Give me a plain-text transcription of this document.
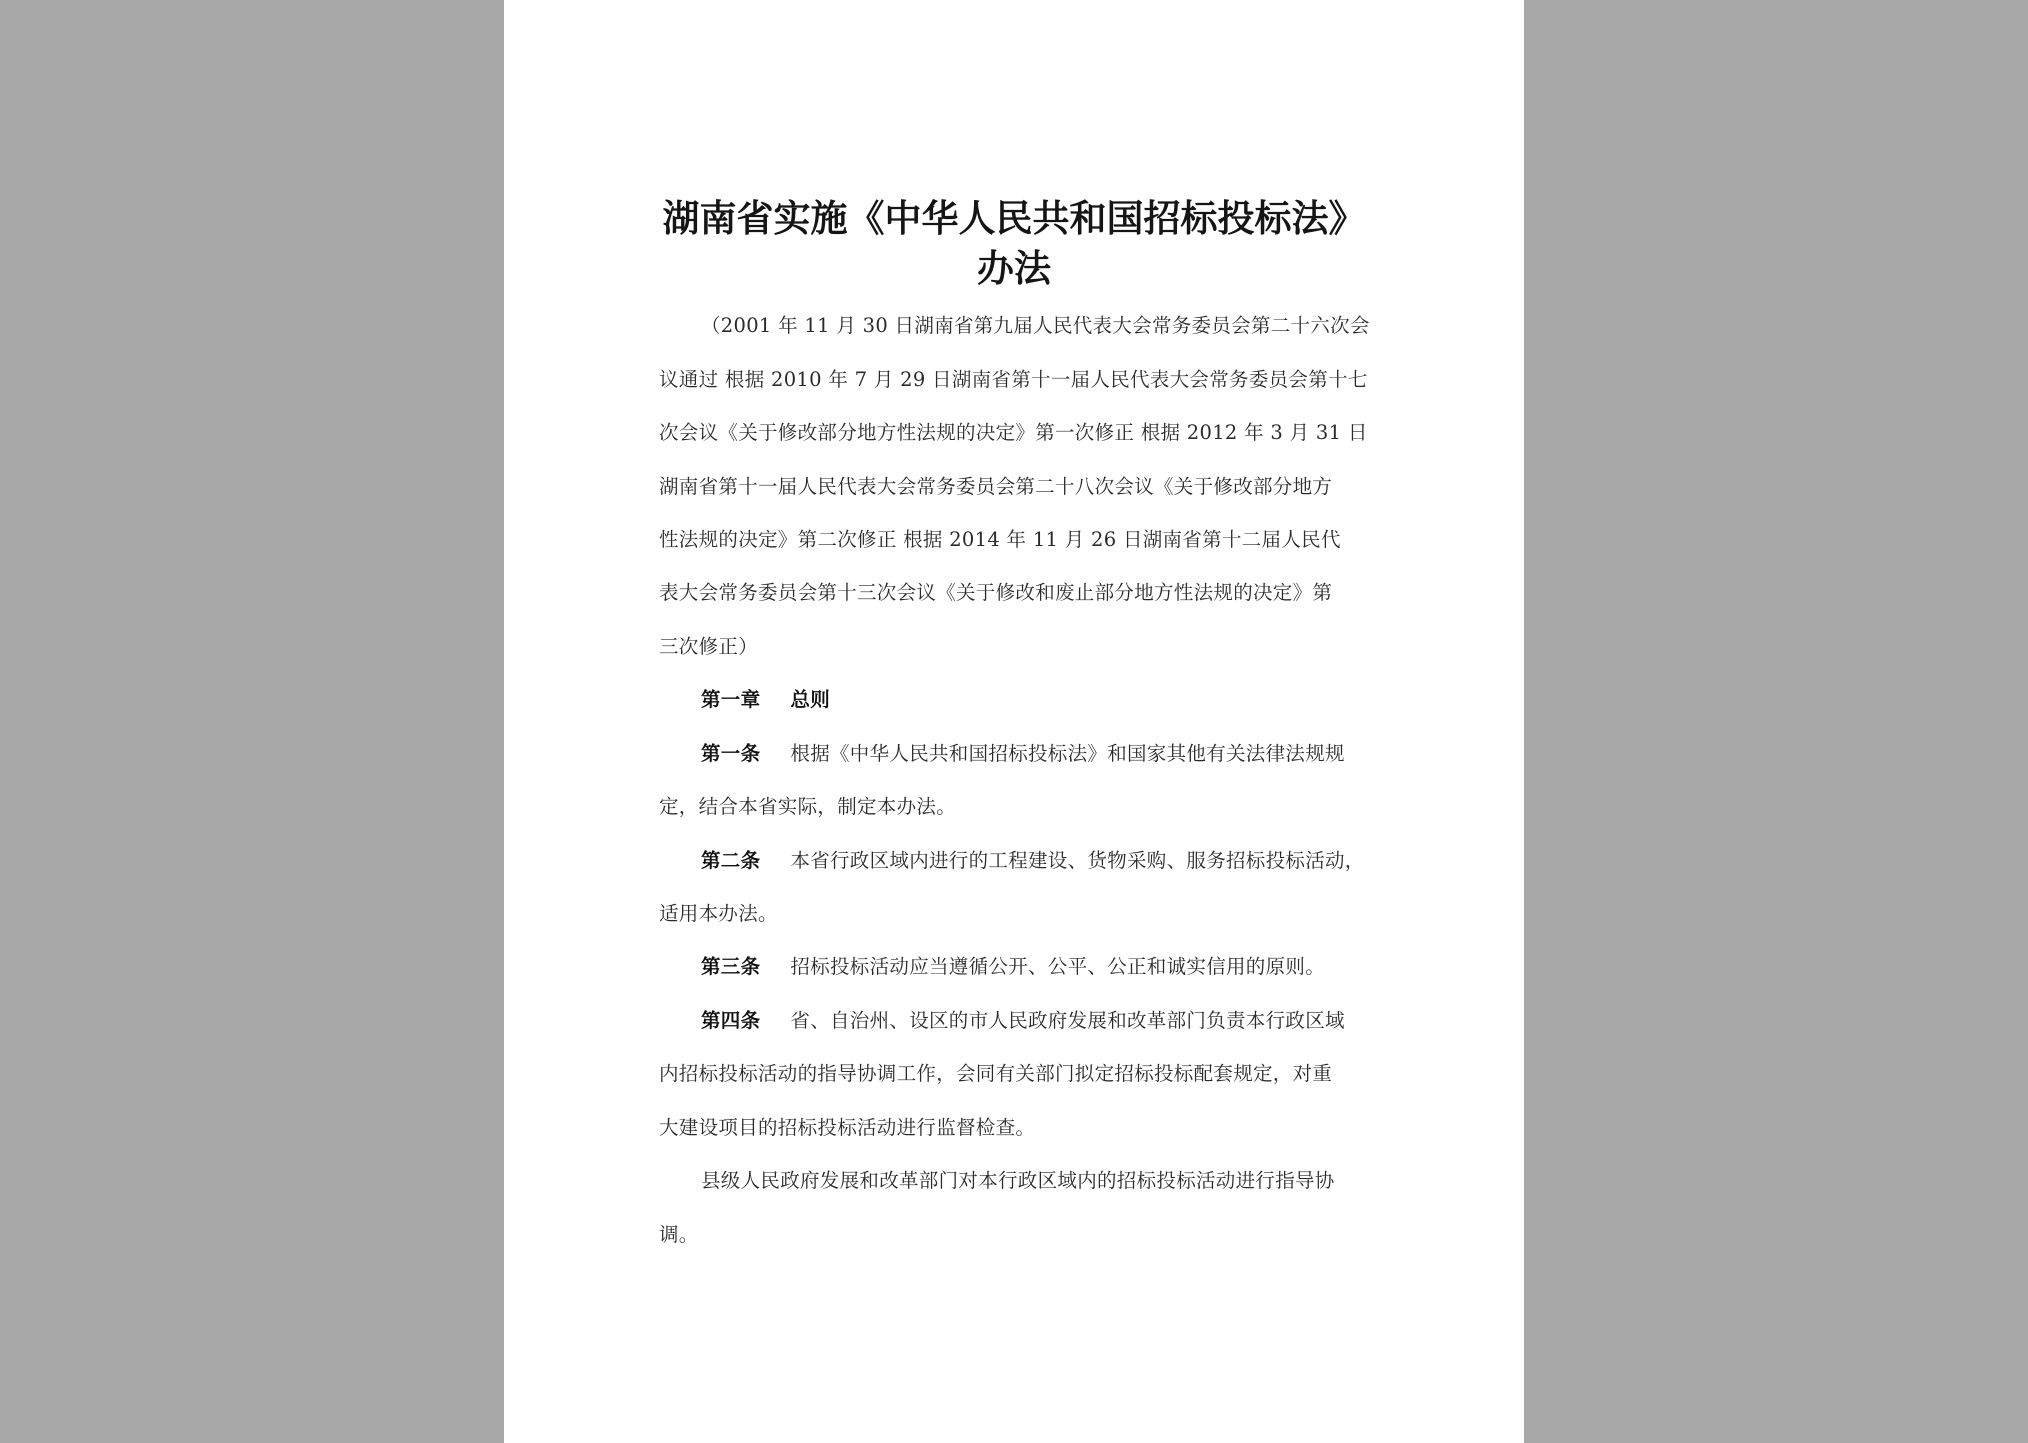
湖南省实施《中华人民共和国招标投标法》
办法
（2001 年 11 月 30 日湖南省第九届人民代表大会常务委员会第二十六次会
议通过 根据 2010 年 7 月 29 日湖南省第十一届人民代表大会常务委员会第十七
次会议《关于修改部分地方性法规的决定》第一次修正 根据 2012 年 3 月 31 日
湖南省第十一届人民代表大会常务委员会第二十八次会议《关于修改部分地方
性法规的决定》第二次修正 根据 2014 年 11 月 26 日湖南省第十二届人民代
表大会常务委员会第十三次会议《关于修改和废止部分地方性法规的决定》第
三次修正）
第一章 总则
第一条 根据《中华人民共和国招标投标法》和国家其他有关法律法规规
定，结合本省实际，制定本办法。
第二条 本省行政区域内进行的工程建设、货物采购、服务招标投标活动，
适用本办法。
第三条 招标投标活动应当遵循公开、公平、公正和诚实信用的原则。
第四条 省、自治州、设区的市人民政府发展和改革部门负责本行政区域
内招标投标活动的指导协调工作，会同有关部门拟定招标投标配套规定，对重
大建设项目的招标投标活动进行监督检查。
县级人民政府发展和改革部门对本行政区域内的招标投标活动进行指导协
调。
